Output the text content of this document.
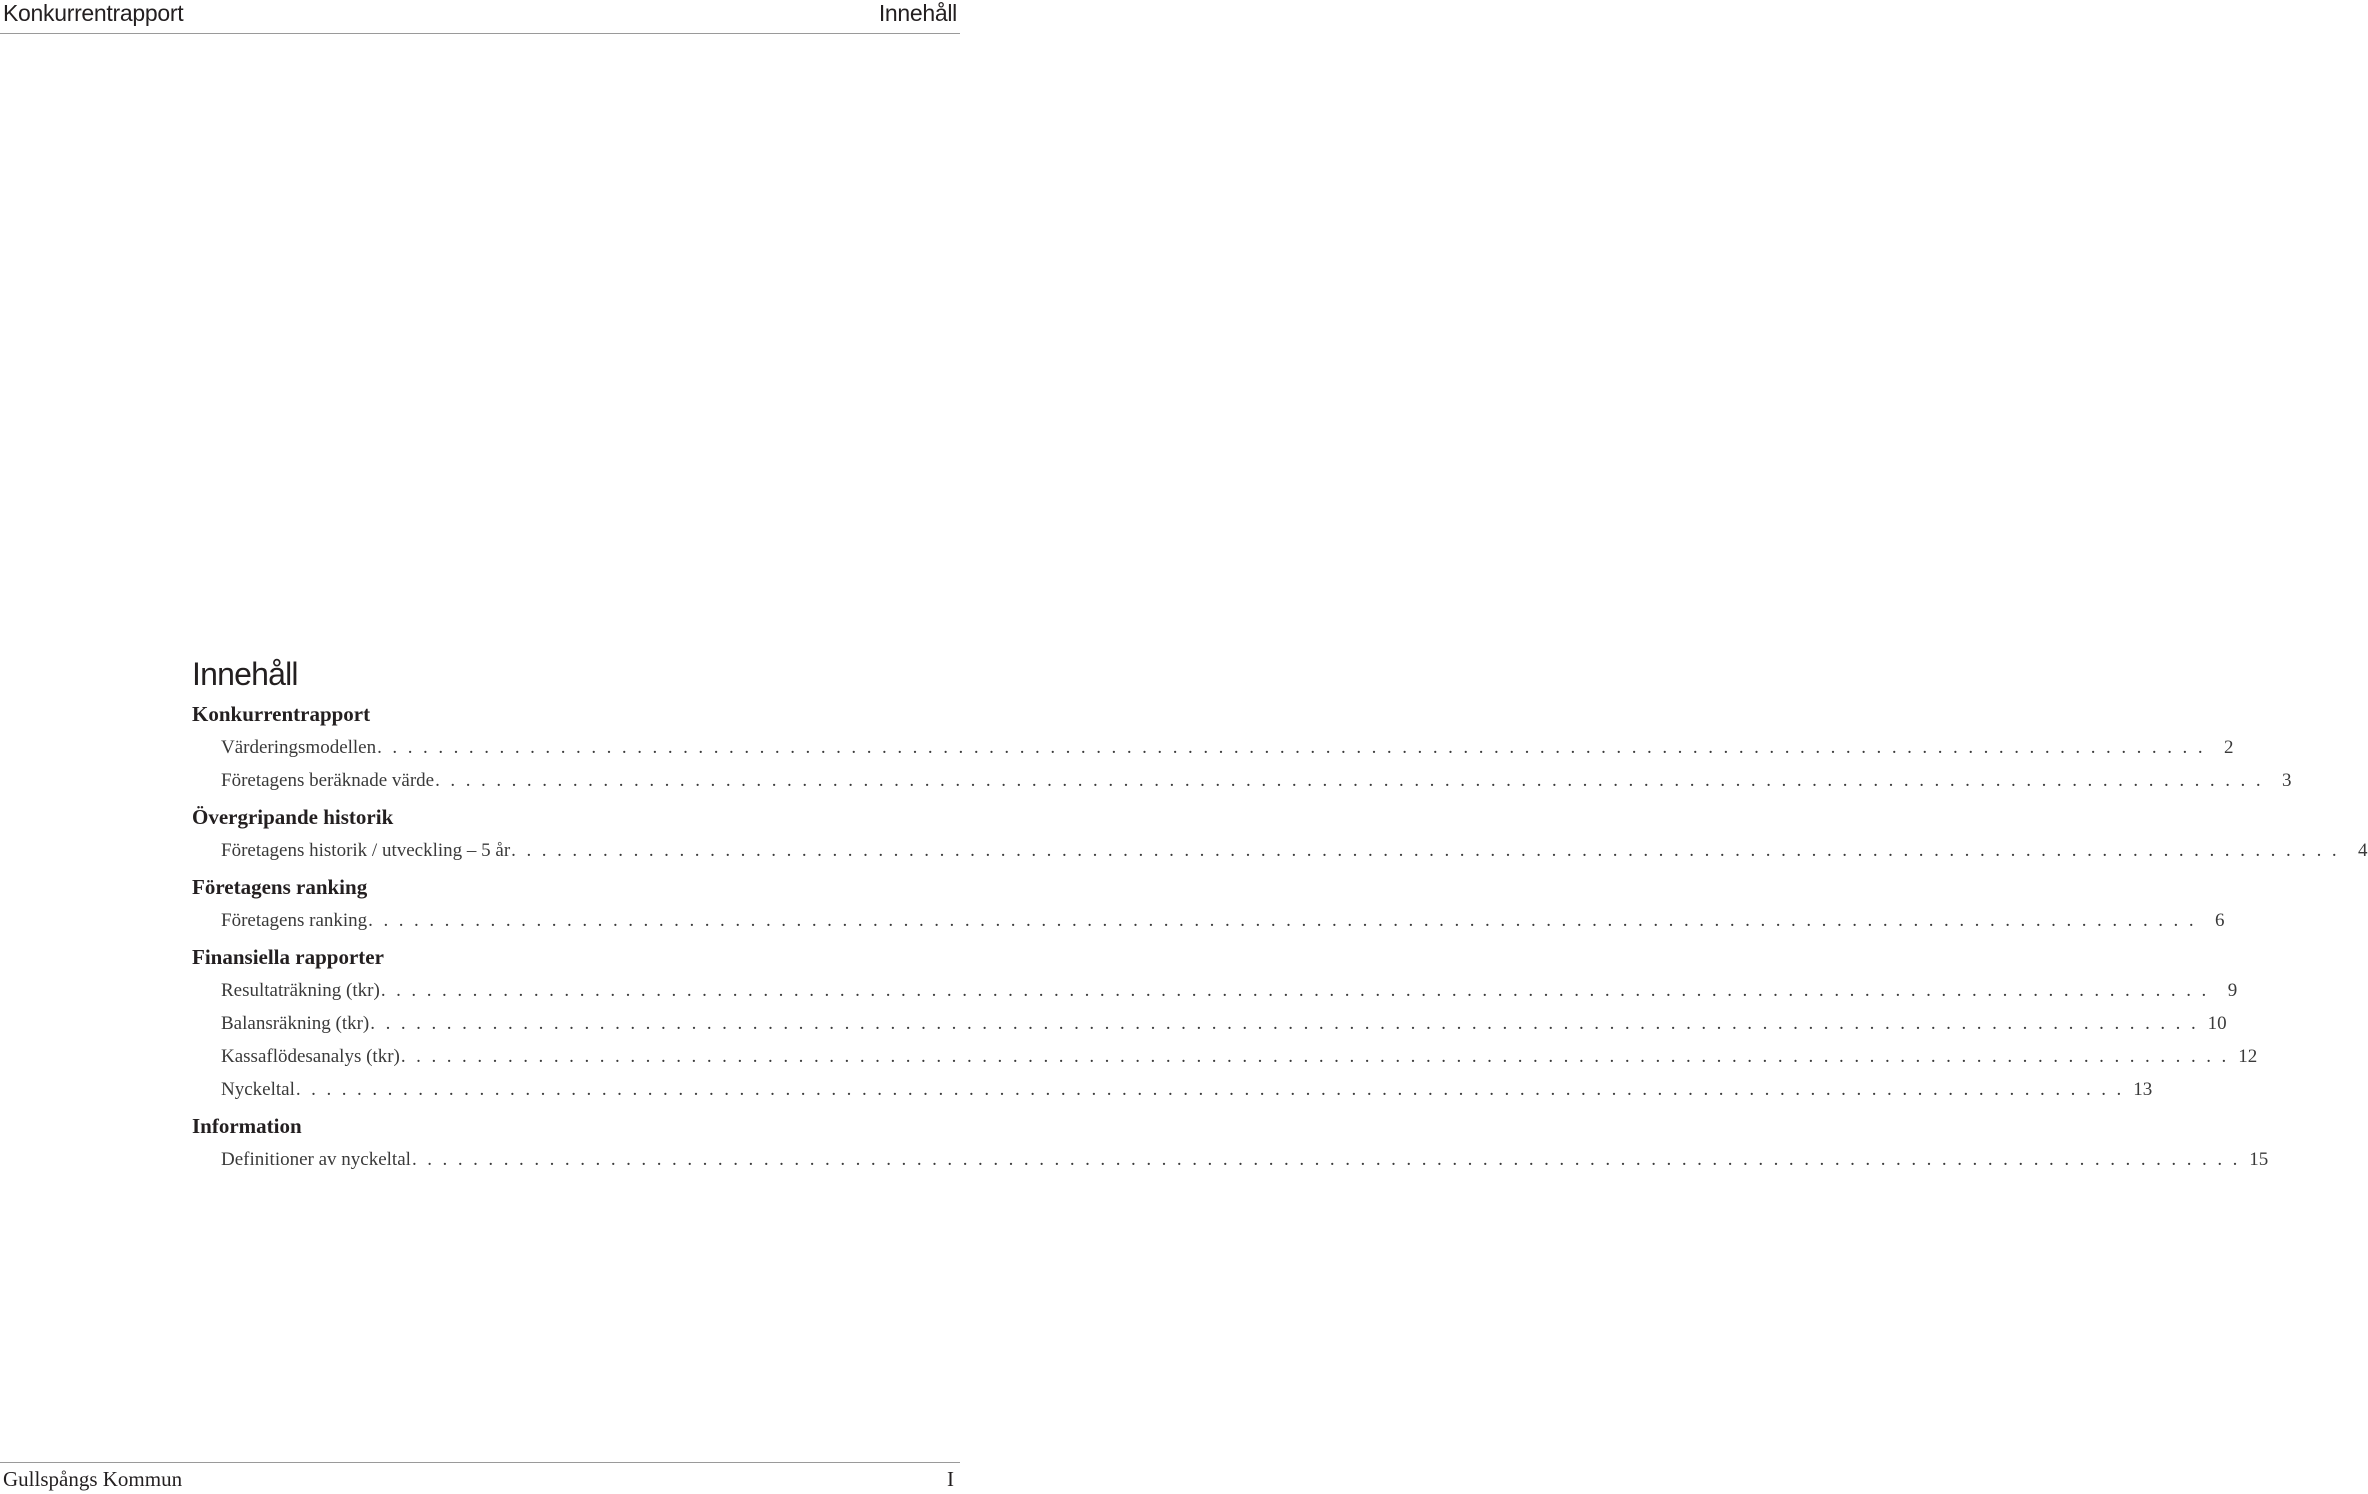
Konkurrentrapport	Innehåll
Innehåll
Konkurrentrapport
Värderingsmodellen . . . . . . . . . . . . . . . . . . . . . . . . . . . . . . . . . . . . . . . . . . . . . . . . . . . . . . . . . . . . . . . . . . . . . . . . . . . . . . . . . . . . . . . . . . . . . . . . . . . . . . . . . . . . . . . . . . . . . . . . 2
Företagens beräknade värde . . . . . . . . . . . . . . . . . . . . . . . . . . . . . . . . . . . . . . . . . . . . . . . . . . . . . . . . . . . . . . . . . . . . . . . . . . . . . . . . . . . . . . . . . . . . . . . . . . . . . . . . . . . . . . . . . . . . . . . . 3
Övergripande historik
Företagens historik / utveckling – 5 år . . . . . . . . . . . . . . . . . . . . . . . . . . . . . . . . . . . . . . . . . . . . . . . . . . . . . . . . . . . . . . . . . . . . . . . . . . . . . . . . . . . . . . . . . . . . . . . . . . . . . . . . . . . . . . . . . . . . . . . . 4
Företagens ranking
Företagens ranking . . . . . . . . . . . . . . . . . . . . . . . . . . . . . . . . . . . . . . . . . . . . . . . . . . . . . . . . . . . . . . . . . . . . . . . . . . . . . . . . . . . . . . . . . . . . . . . . . . . . . . . . . . . . . . . . . . . . . . . . 6
Finansiella rapporter
Resultaträkning (tkr) . . . . . . . . . . . . . . . . . . . . . . . . . . . . . . . . . . . . . . . . . . . . . . . . . . . . . . . . . . . . . . . . . . . . . . . . . . . . . . . . . . . . . . . . . . . . . . . . . . . . . . . . . . . . . . . . . . . . . . . . 9
Balansräkning (tkr) . . . . . . . . . . . . . . . . . . . . . . . . . . . . . . . . . . . . . . . . . . . . . . . . . . . . . . . . . . . . . . . . . . . . . . . . . . . . . . . . . . . . . . . . . . . . . . . . . . . . . . . . . . . . . . . . . . . . . . . . 10
Kassaflödesanalys (tkr) . . . . . . . . . . . . . . . . . . . . . . . . . . . . . . . . . . . . . . . . . . . . . . . . . . . . . . . . . . . . . . . . . . . . . . . . . . . . . . . . . . . . . . . . . . . . . . . . . . . . . . . . . . . . . . . . . . . . . . . . 12
Nyckeltal . . . . . . . . . . . . . . . . . . . . . . . . . . . . . . . . . . . . . . . . . . . . . . . . . . . . . . . . . . . . . . . . . . . . . . . . . . . . . . . . . . . . . . . . . . . . . . . . . . . . . . . . . . . . . . . . . . . . . . . . 13
Information
Definitioner av nyckeltal . . . . . . . . . . . . . . . . . . . . . . . . . . . . . . . . . . . . . . . . . . . . . . . . . . . . . . . . . . . . . . . . . . . . . . . . . . . . . . . . . . . . . . . . . . . . . . . . . . . . . . . . . . . . . . . . . . . . . . . . 15
Gullspångs Kommun	I
